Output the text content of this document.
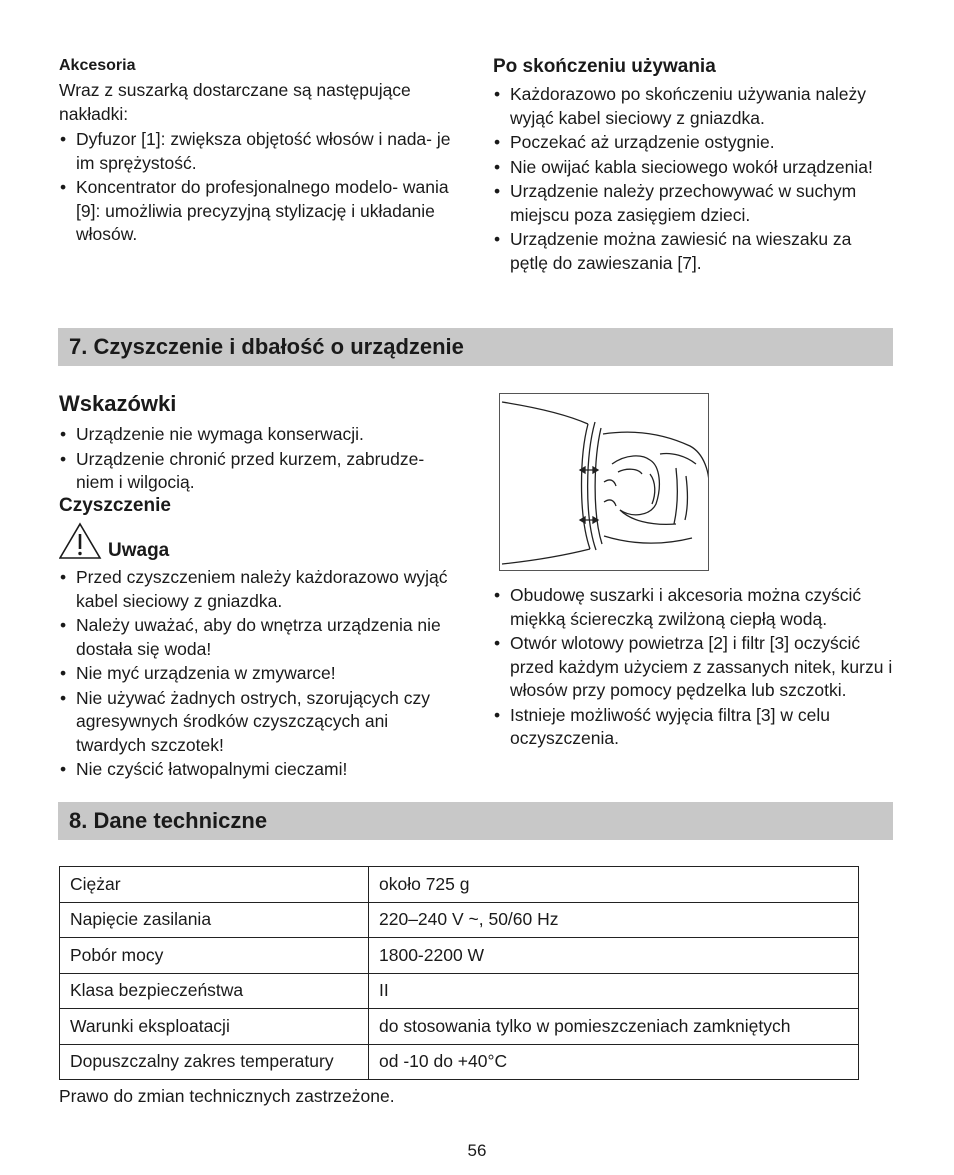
Akcesoria
Wraz z suszarką dostarczane są następujące nakładki:
• Dyfuzor [1]: zwiększa objętość włosów i nada- je im sprężystość.
• Koncentrator do profesjonalnego modelo- wania [9]: umożliwia precyzyjną stylizację i układanie włosów.
Po skończeniu używania
• Każdorazowo po skończeniu używania należy wyjąć kabel sieciowy z gniazdka.
• Poczekać aż urządzenie ostygnie.
• Nie owijać kabla sieciowego wokół urządzenia!
• Urządzenie należy przechowywać w suchym miejscu poza zasięgiem dzieci.
• Urządzenie można zawiesić na wieszaku za pętlę do zawieszania [7].
7. Czyszczenie i dbałość o urządzenie
Wskazówki
• Urządzenie nie wymaga konserwacji.
• Urządzenie chronić przed kurzem, zabrudze- niem i wilgocią.
Czyszczenie
Uwaga
• Przed czyszczeniem należy każdorazowo wyjąć kabel sieciowy z gniazdka.
• Należy uważać, aby do wnętrza urządzenia nie dostała się woda!
• Nie myć urządzenia w zmywarce!
• Nie używać żadnych ostrych, szorujących czy agresywnych środków czyszczących ani twardych szczotek!
• Nie czyścić łatwopalnymi cieczami!
• Obudowę suszarki i akcesoria można czyścić miękką ściereczką zwilżoną ciepłą wodą.
• Otwór wlotowy powietrza [2] i filtr [3] oczyścić przed każdym użyciem z zassanych nitek, kurzu i włosów przy pomocy pędzelka lub szczotki.
• Istnieje możliwość wyjęcia filtra [3] w celu oczyszczenia.
8. Dane techniczne
Ciężar	około 725 g
Napięcie zasilania	220–240 V ~, 50/60 Hz
Pobór mocy	1800-2200 W
Klasa bezpieczeństwa	II
Warunki eksploatacji	do stosowania tylko w pomieszczeniach zamkniętych
Dopuszczalny zakres temperatury	od -10 do +40°C
Prawo do zmian technicznych zastrzeżone.
56
